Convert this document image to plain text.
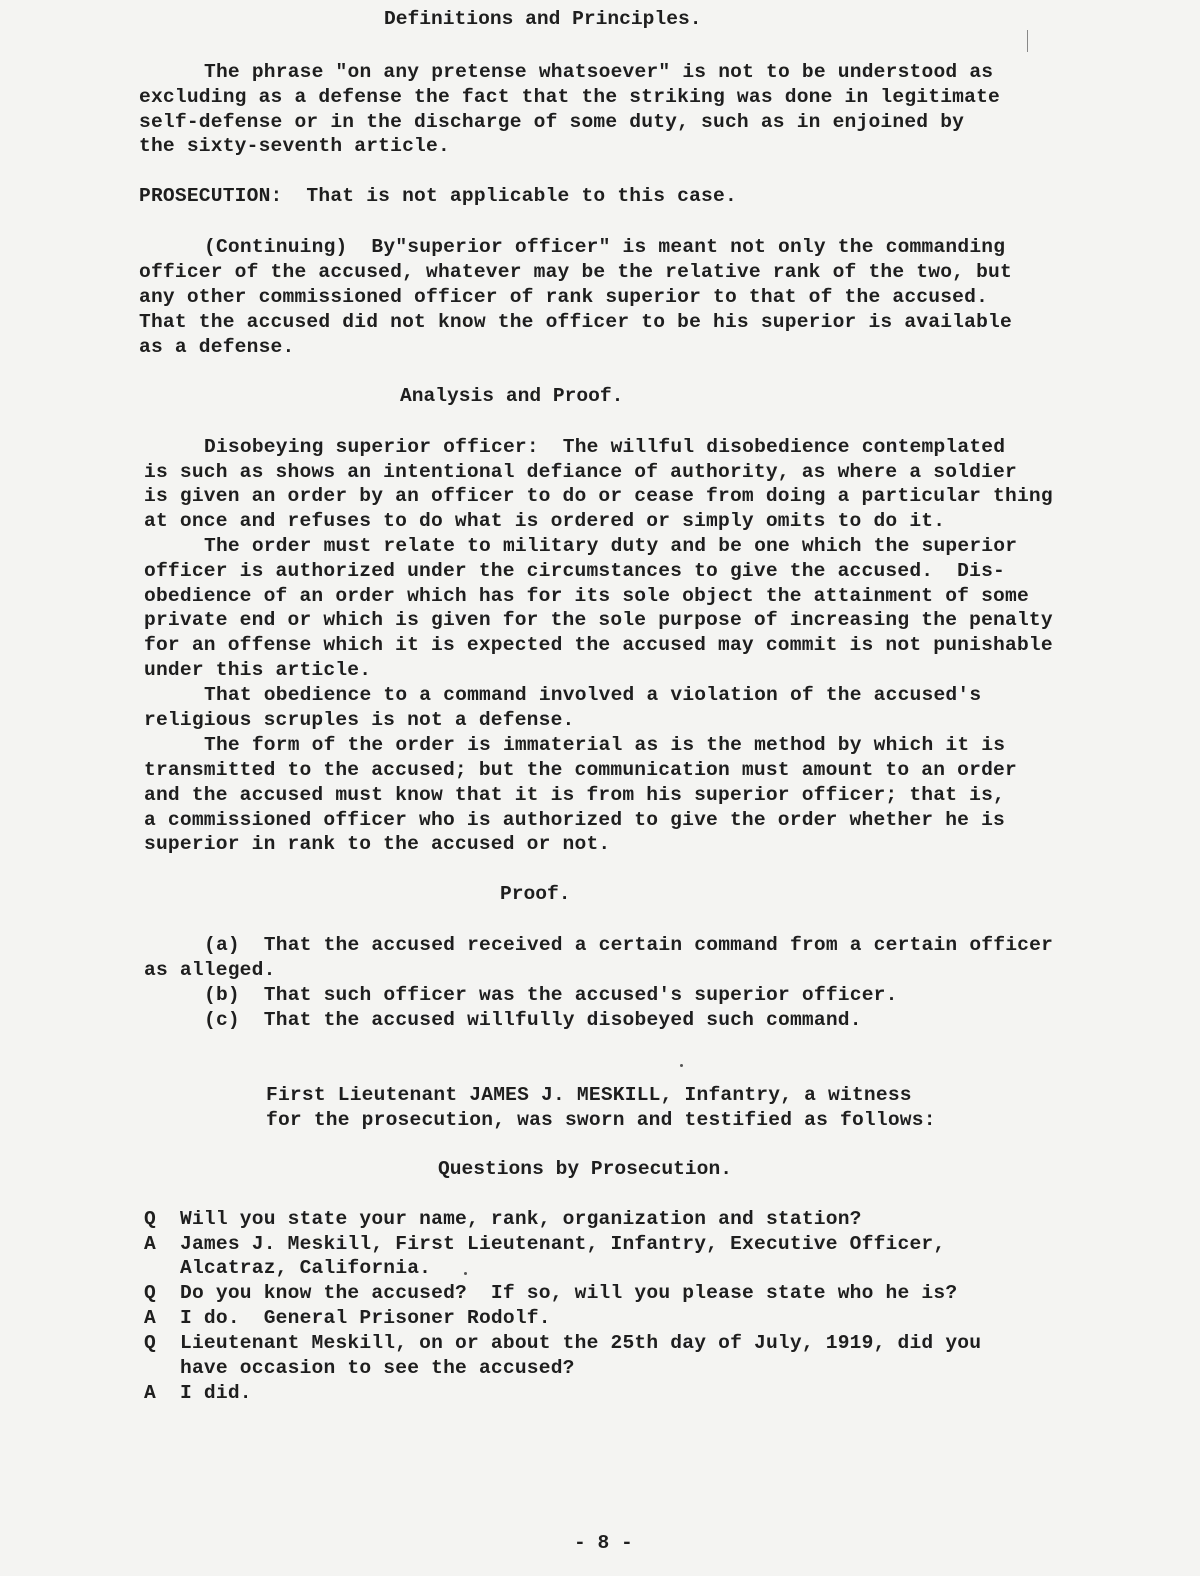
Definitions and Principles.
The phrase "on any pretense whatsoever" is not to be understood as
excluding as a defense the fact that the striking was done in legitimate
self-defense or in the discharge of some duty, such as in enjoined by
the sixty-seventh article.
PROSECUTION:  That is not applicable to this case.
(Continuing)  By"superior officer" is meant not only the commanding
officer of the accused, whatever may be the relative rank of the two, but
any other commissioned officer of rank superior to that of the accused.
That the accused did not know the officer to be his superior is available
as a defense.
Analysis and Proof.
Disobeying superior officer:  The willful disobedience contemplated
is such as shows an intentional defiance of authority, as where a soldier
is given an order by an officer to do or cease from doing a particular thing
at once and refuses to do what is ordered or simply omits to do it.
The order must relate to military duty and be one which the superior
officer is authorized under the circumstances to give the accused.  Dis-
obedience of an order which has for its sole object the attainment of some
private end or which is given for the sole purpose of increasing the penalty
for an offense which it is expected the accused may commit is not punishable
under this article.
That obedience to a command involved a violation of the accused's
religious scruples is not a defense.
The form of the order is immaterial as is the method by which it is
transmitted to the accused; but the communication must amount to an order
and the accused must know that it is from his superior officer; that is,
a commissioned officer who is authorized to give the order whether he is
superior in rank to the accused or not.
Proof.
(a)  That the accused received a certain command from a certain officer
as alleged.
(b)  That such officer was the accused's superior officer.
(c)  That the accused willfully disobeyed such command.
First Lieutenant JAMES J. MESKILL, Infantry, a witness
for the prosecution, was sworn and testified as follows:
Questions by Prosecution.
Q Will you state your name, rank, organization and station?
A James J. Meskill, First Lieutenant, Infantry, Executive Officer,
Alcatraz, California.
Q Do you know the accused?  If so, will you please state who he is?
A I do.  General Prisoner Rodolf.
Q Lieutenant Meskill, on or about the 25th day of July, 1919, did you
have occasion to see the accused?
A I did.
- 8 -
